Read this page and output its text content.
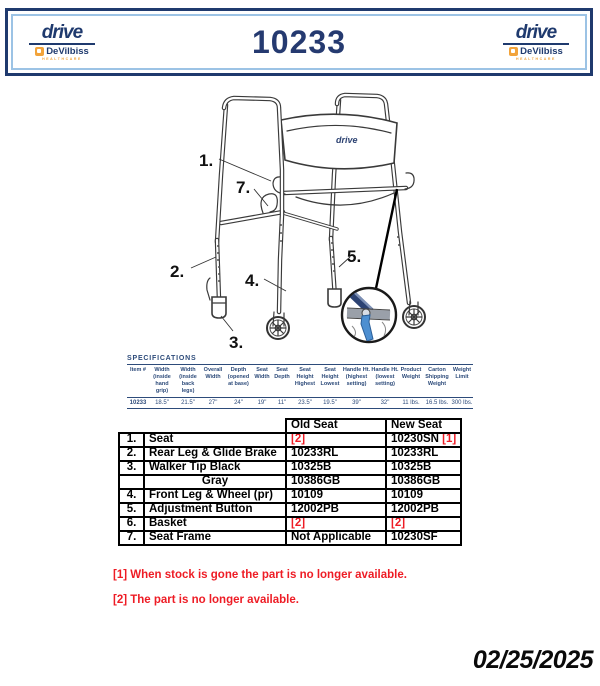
drive
DeVilbiss
HEALTHCARE	10233	drive
DeVilbiss
HEALTHCARE
drive
1.
7.
2.	4.
3.
5.
SPECIFICATIONS
Item #	Width (inside hand grip)	Width (inside back legs)	Overall Width	Depth (opened at base)	Seat Width	Seat Depth	Seat Height Highest	Seat Height Lowest	Handle Ht. (highest setting)	Handle Ht. (lowest setting)	Product Weight	Carton Shipping Weight	Weight Limit
10233	18.5"	21.5"	27"	24"	19"	11"	23.5"	19.5"	39"	32"	11 lbs.	16.5 lbs.	300 lbs.
		Old Seat	New Seat
1.	Seat	[2]	10230SN [1]
2.	Rear Leg & Glide Brake	10233RL	10233RL
3.	Walker Tip Black	10325B	10325B
	Gray	10386GB	10386GB
4.	Front Leg & Wheel (pr)	10109	10109
5.	Adjustment Button	12002PB	12002PB
6.	Basket	[2]	[2]
7.	Seat Frame	Not Applicable	10230SF
[1] When stock is gone the part is no longer available.
[2] The part is no longer available.
02/25/2025
